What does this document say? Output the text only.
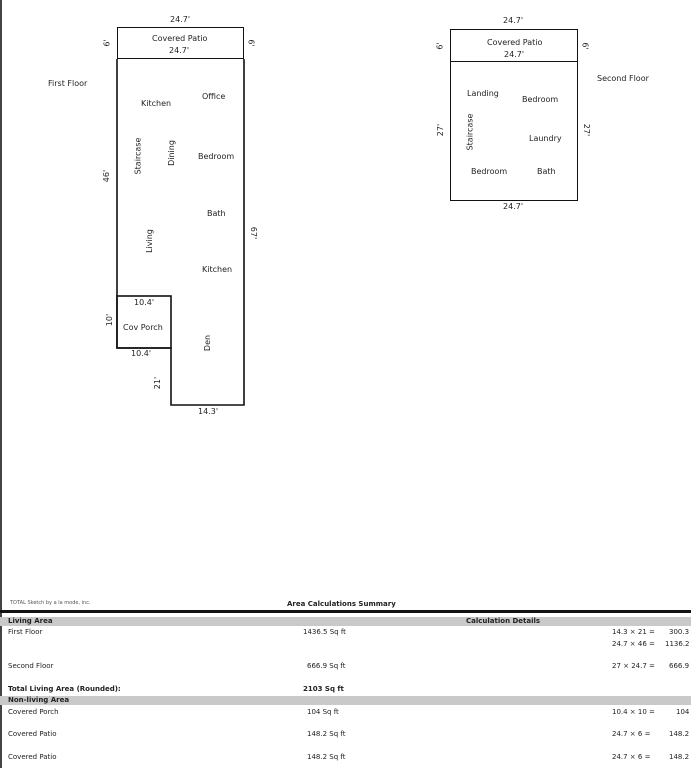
First Floor
24.7'
Covered Patio
24.7'
6'	6'
Kitchen
Office
Staircase	Dining	Bedroom
Bath
Living
Kitchen
Den
46'
67'
10.4'
Cov Porch
10.4'
10'
21'
14.3'
Second Floor
24.7'
Covered Patio
24.7'
6'	6'
Landing
Bedroom
Staircase	Laundry
Bedroom	Bath
27'	27'
24.7'
TOTAL Sketch by a la mode, inc.	Area Calculations Summary
Living Area	Calculation Details
First Floor	1436.5 Sq ft	14.3 × 21 = 300.3
24.7 × 46 = 1136.2
Second Floor	666.9 Sq ft	27 × 24.7 = 666.9
Total Living Area (Rounded):	2103 Sq ft
Non-living Area
Covered Porch	104 Sq ft	10.4 × 10 =	104
Covered Patio	148.2 Sq ft	24.7 × 6 =	148.2
Covered Patio	148.2 Sq ft	24.7 × 6 =	148.2
